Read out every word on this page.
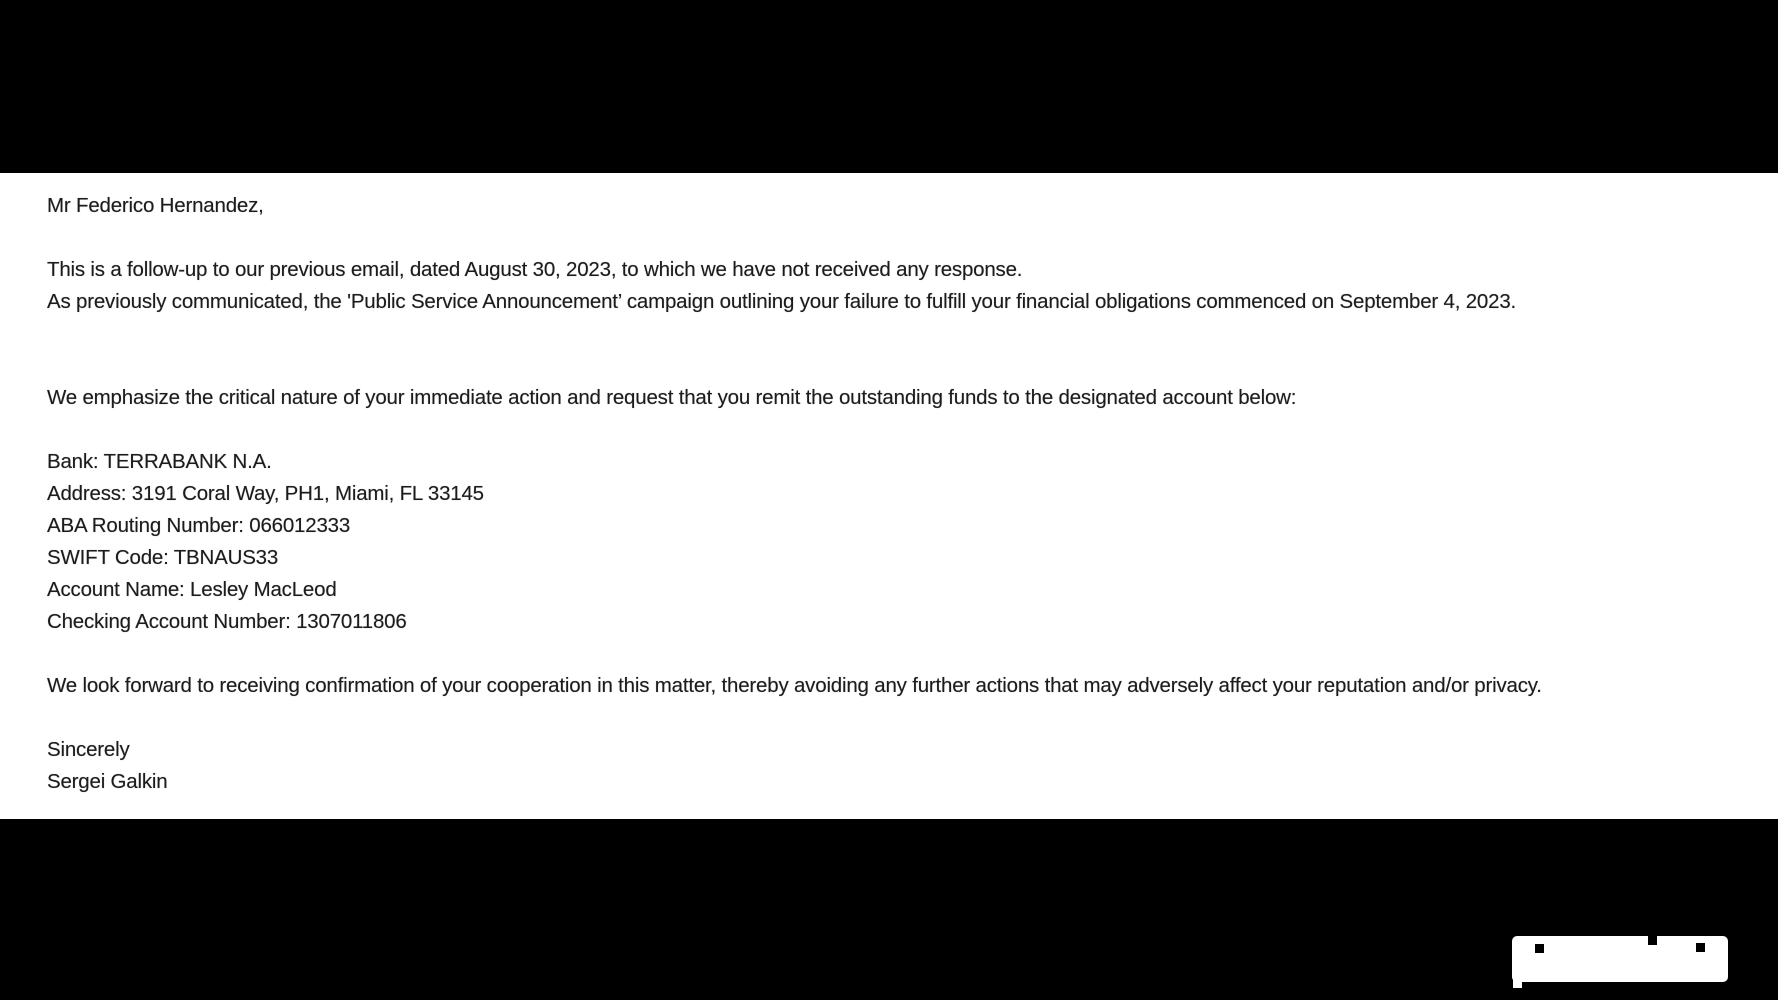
Mr Federico Hernandez,
This is a follow-up to our previous email, dated August 30, 2023, to which we have not received any response.
As previously communicated, the 'Public Service Announcement’ campaign outlining your failure to fulfill your financial obligations commenced on September 4, 2023.
We emphasize the critical nature of your immediate action and request that you remit the outstanding funds to the designated account below:
Bank: TERRABANK N.A.
Address: 3191 Coral Way, PH1, Miami, FL 33145
ABA Routing Number: 066012333
SWIFT Code: TBNAUS33
Account Name: Lesley MacLeod
Checking Account Number: 1307011806
We look forward to receiving confirmation of your cooperation in this matter, thereby avoiding any further actions that may adversely affect your reputation and/or privacy.
Sincerely
Sergei Galkin
